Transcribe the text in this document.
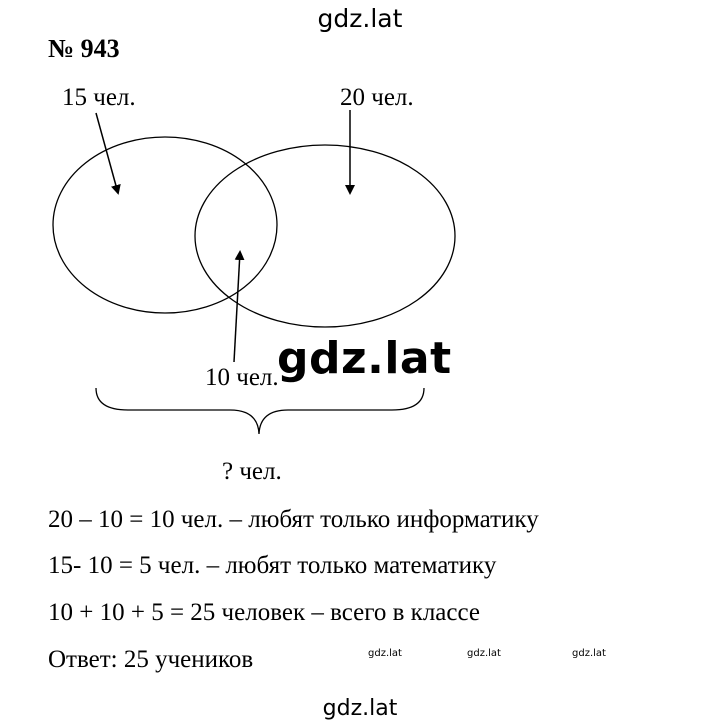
gdz.lat
№ 943
15 чел.	20 чел.
10 чел.
gdz.lat
? чел.
20 – 10 = 10 чел. – любят только информатику
15- 10 = 5 чел. – любят только математику
10 + 10 + 5 = 25 человек – всего в классе
Ответ: 25 учеников	gdz.lat	gdz.lat	gdz.lat
gdz.lat
